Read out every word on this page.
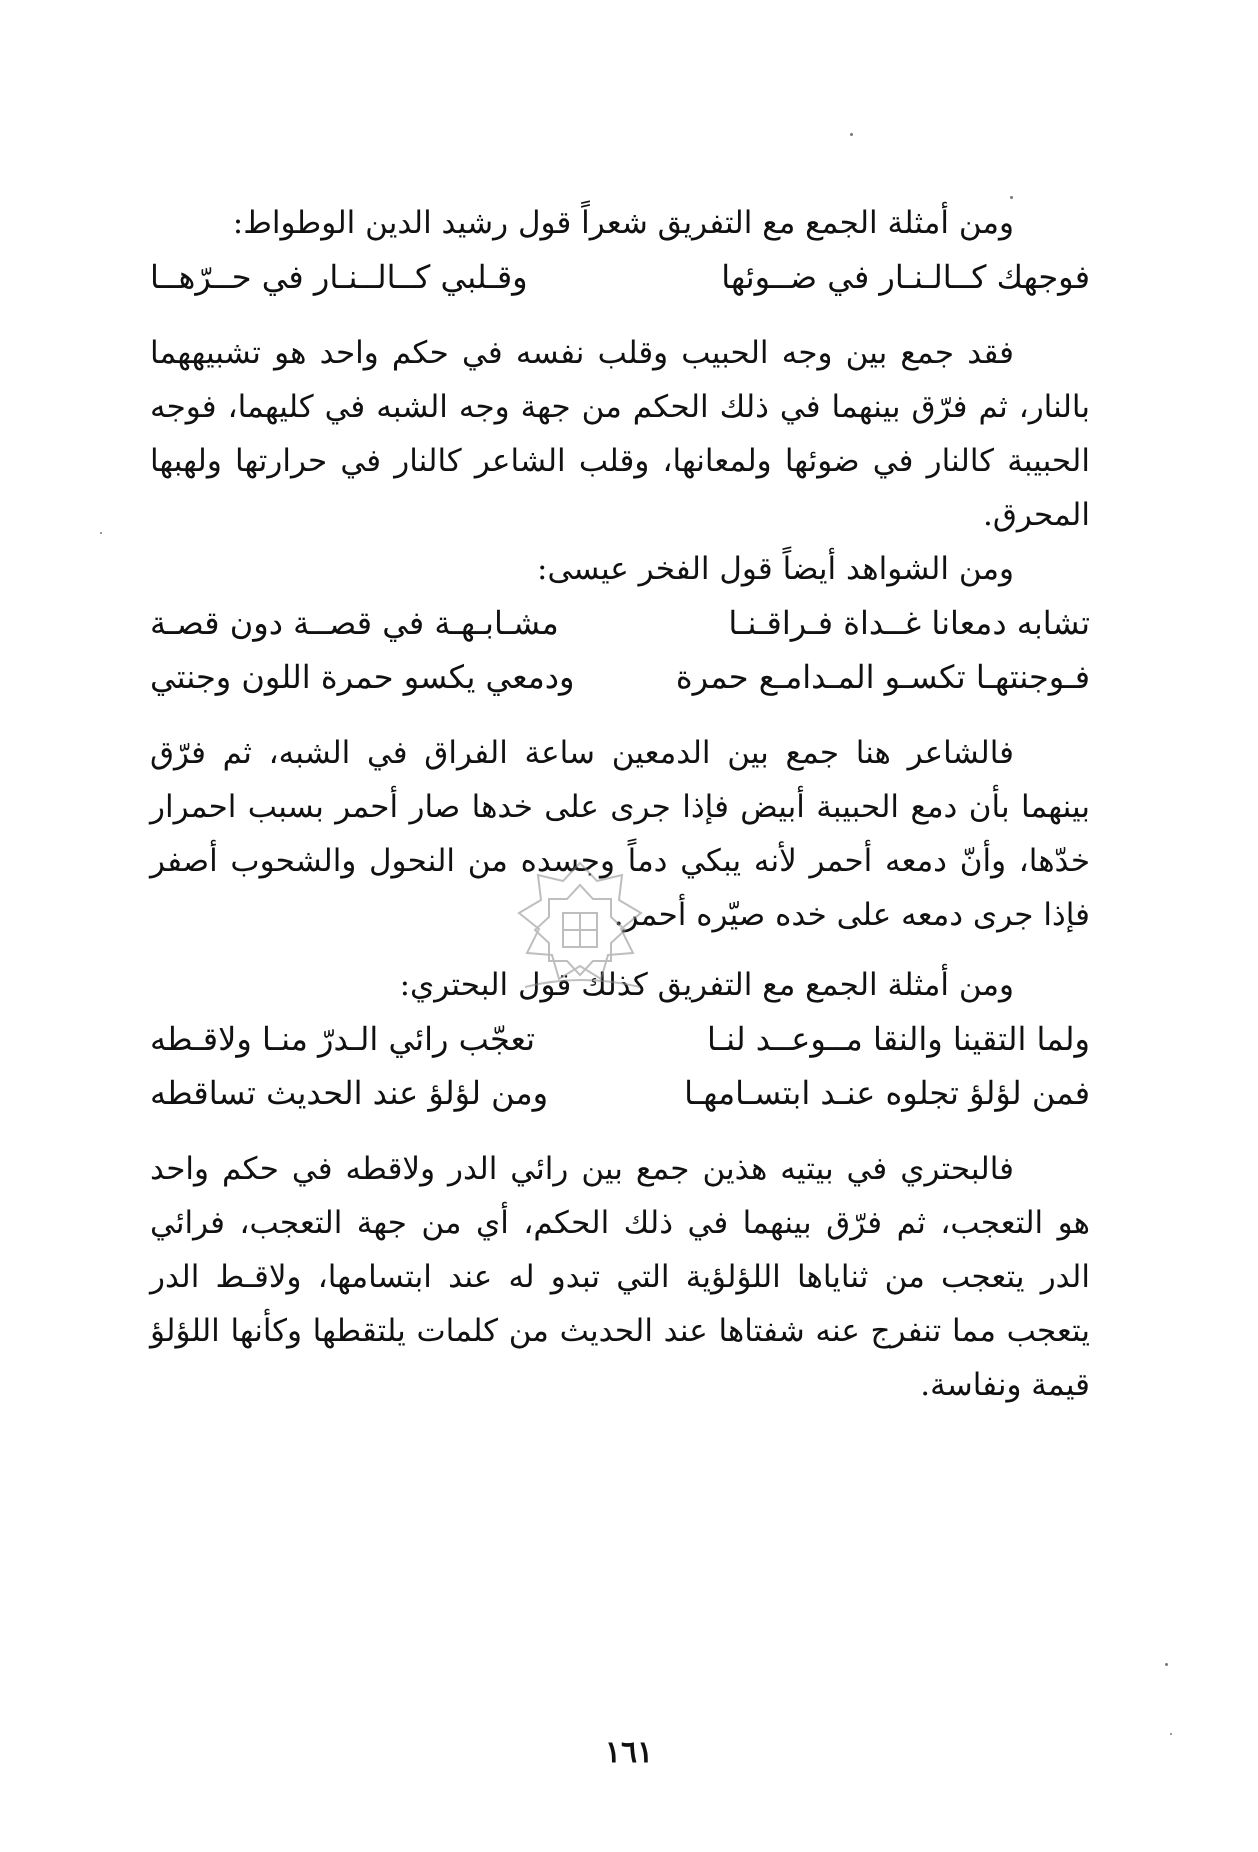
ومن أمثلة الجمع مع التفريق شعراً قول رشيد الدين الوطواط:

فوجهك كــالـنـار في ضــوئها
وقـلبي كــالــنـار في حــرّهــا

فقد جمع بين وجه الحبيب وقلب نفسه في حكم واحد هو تشبيههما بالنار، ثم فرّق بينهما في ذلك الحكم من جهة وجه الشبه في كليهما، فوجه الحبيبة كالنار في ضوئها ولمعانها، وقلب الشاعر كالنار في حرارتها ولهبها المحرق.

ومن الشواهد أيضاً قول الفخر عيسى:

تشابه دمعانا غــداة فـراقـنـا
مشـابـهـة في قصــة دون قصـة
فـوجنتهـا تكسـو المـدامـع حمرة
ودمعي يكسو حمرة اللون وجنتي

فالشاعر هنا جمع بين الدمعين ساعة الفراق في الشبه، ثم فرّق بينهما بأن دمع الحبيبة أبيض فإذا جرى على خدها صار أحمر بسبب احمرار خدّها، وأنّ دمعه أحمر لأنه يبكي دماً وجسده من النحول والشحوب أصفر فإذا جرى دمعه على خده صيّره أحمر.

ومن أمثلة الجمع مع التفريق كذلك قول البحتري:

ولما التقينا والنقا مــوعــد لنـا
تعجّب رائي الـدرّ منـا ولاقـطه
فمن لؤلؤ تجلوه عنـد ابتسـامهـا
ومن لؤلؤ عند الحديث تساقطه

فالبحتري في بيتيه هذين جمع بين رائي الدر ولاقطه في حكم واحد هو التعجب، ثم فرّق بينهما في ذلك الحكم، أي من جهة التعجب، فرائي الدر يتعجب من ثناياها اللؤلؤية التي تبدو له عند ابتسامها، ولاقـط الدر يتعجب مما تنفرج عنه شفتاها عند الحديث من كلمات يلتقطها وكأنها اللؤلؤ قيمة ونفاسة.

١٦١
